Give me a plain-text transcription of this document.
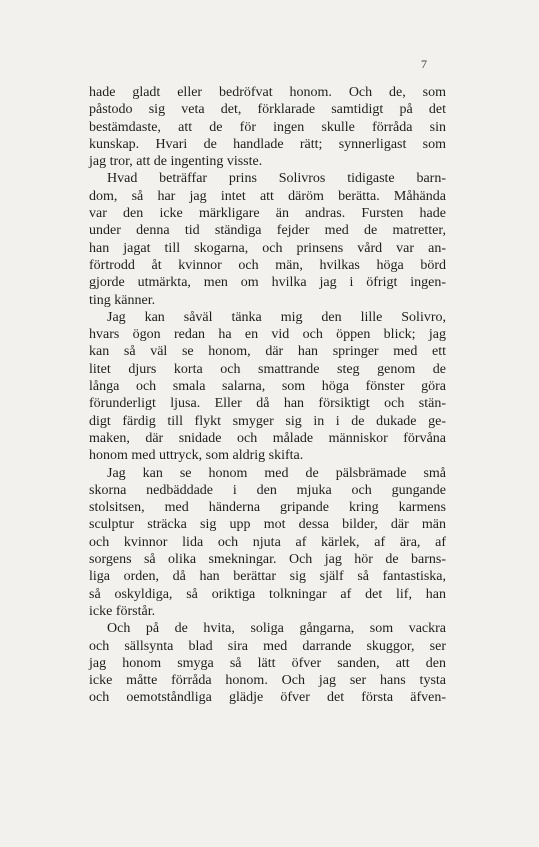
7
hade gladt eller bedröfvat honom. Och de, som
påstodo sig veta det, förklarade samtidigt på det
bestämdaste, att de för ingen skulle förråda sin
kunskap. Hvari de handlade rätt; synnerligast som
jag tror, att de ingenting visste.
Hvad beträffar prins Solivros tidigaste barn-
dom, så har jag intet att däröm berätta. Måhända
var den icke märkligare än andras. Fursten hade
under denna tid ständiga fejder med de matretter,
han jagat till skogarna, och prinsens vård var an-
förtrodd åt kvinnor och män, hvilkas höga börd
gjorde utmärkta, men om hvilka jag i öfrigt ingen-
ting känner.
Jag kan såväl tänka mig den lille Solivro,
hvars ögon redan ha en vid och öppen blick; jag
kan så väl se honom, där han springer med ett
litet djurs korta och smattrande steg genom de
långa och smala salarna, som höga fönster göra
förunderligt ljusa. Eller då han försiktigt och stän-
digt färdig till flykt smyger sig in i de dukade ge-
maken, där snidade och målade människor förvåna
honom med uttryck, som aldrig skifta.
Jag kan se honom med de pälsbrämade små
skorna nedbäddade i den mjuka och gungande
stolsitsen, med händerna gripande kring karmens
sculptur sträcka sig upp mot dessa bilder, där män
och kvinnor lida och njuta af kärlek, af ära, af
sorgens så olika smekningar. Och jag hör de barns-
liga orden, då han berättar sig själf så fantastiska,
så oskyldiga, så oriktiga tolkningar af det lif, han
icke förstår.
Och på de hvita, soliga gångarna, som vackra
och sällsynta blad sira med darrande skuggor, ser
jag honom smyga så lätt öfver sanden, att den
icke måtte förråda honom. Och jag ser hans tysta
och oemotståndliga glädje öfver det första äfven-
